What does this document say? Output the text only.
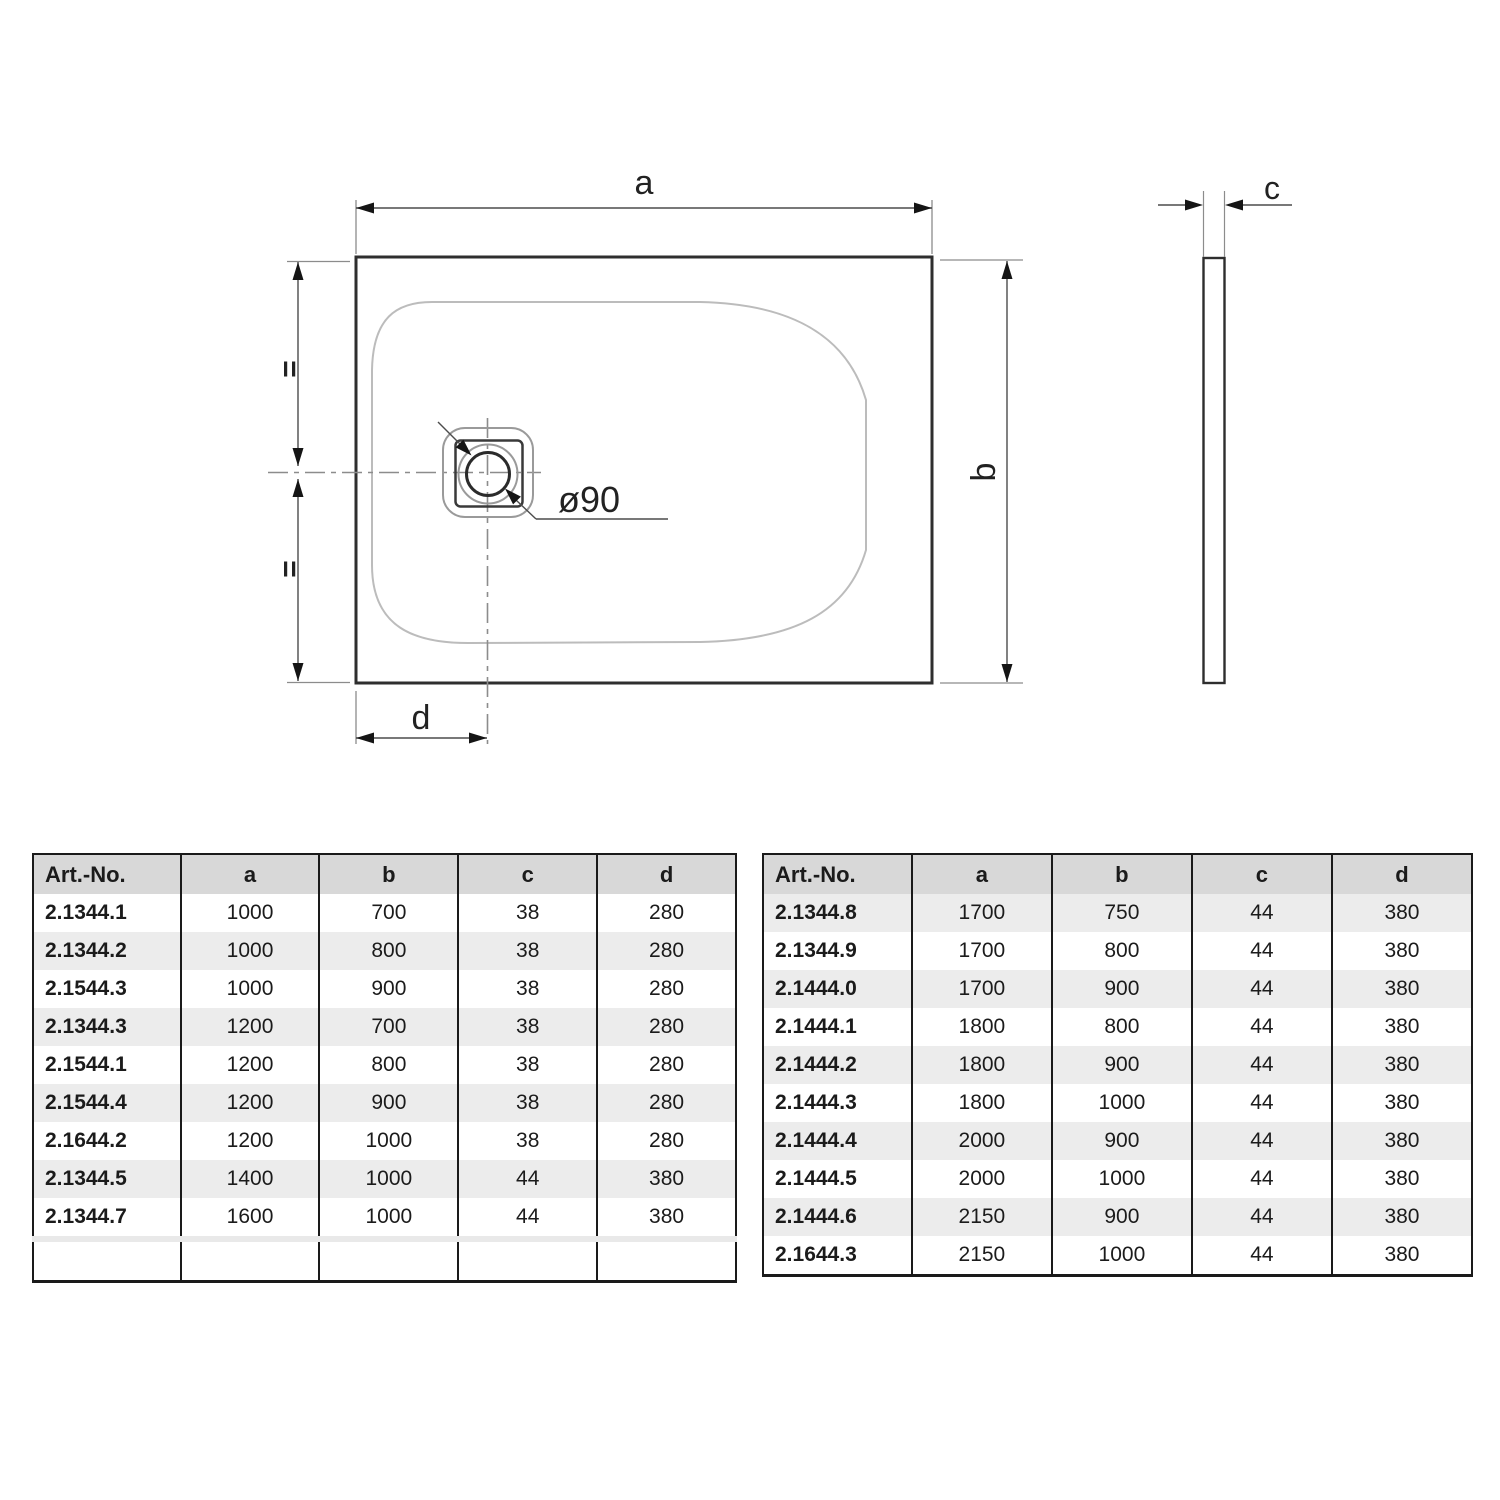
ø90
a
=
=
b
d
c
Art.-No.	a	b	c	d
2.1344.1	1000	700	38	280
2.1344.2	1000	800	38	280
2.1544.3	1000	900	38	280
2.1344.3	1200	700	38	280
2.1544.1	1200	800	38	280
2.1544.4	1200	900	38	280
2.1644.2	1200	1000	38	280
2.1344.5	1400	1000	44	380
2.1344.7	1600	1000	44	380

Art.-No.	a	b	c	d
2.1344.8	1700	750	44	380
2.1344.9	1700	800	44	380
2.1444.0	1700	900	44	380
2.1444.1	1800	800	44	380
2.1444.2	1800	900	44	380
2.1444.3	1800	1000	44	380
2.1444.4	2000	900	44	380
2.1444.5	2000	1000	44	380
2.1444.6	2150	900	44	380
2.1644.3	2150	1000	44	380
